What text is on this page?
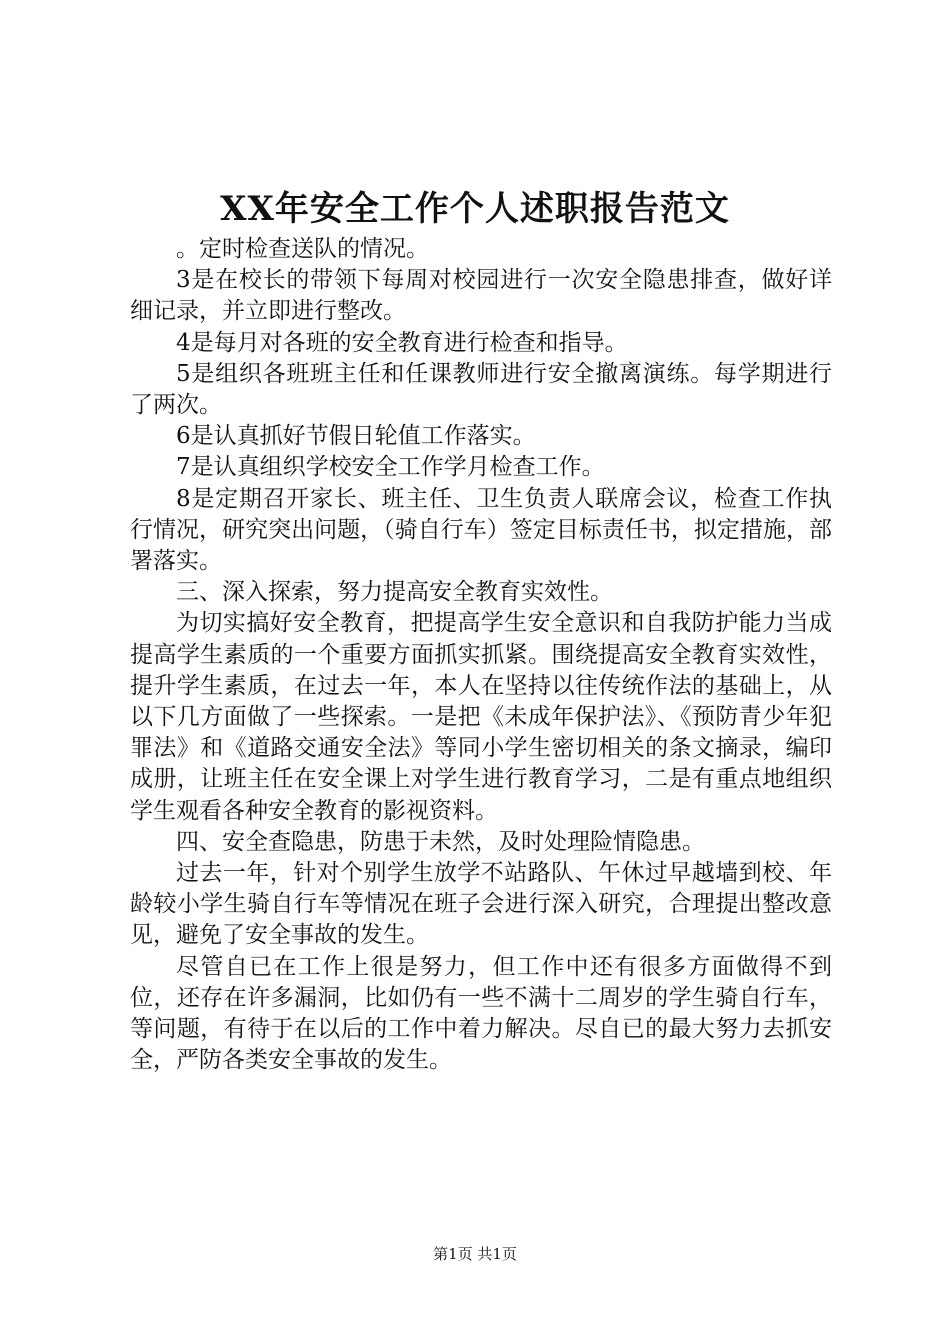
XX年安全工作个人述职报告范文

。定时检查送队的情况。

3是在校长的带领下每周对校园进行一次安全隐患排查，做好详细记录，并立即进行整改。

4是每月对各班的安全教育进行检查和指导。

5是组织各班班主任和任课教师进行安全撤离演练。每学期进行了两次。

6是认真抓好节假日轮值工作落实。

7是认真组织学校安全工作学月检查工作。

8是定期召开家长、班主任、卫生负责人联席会议，检查工作执行情况，研究突出问题，（骑自行车）签定目标责任书，拟定措施，部署落实。

三、深入探索，努力提高安全教育实效性。

为切实搞好安全教育，把提高学生安全意识和自我防护能力当成提高学生素质的一个重要方面抓实抓紧。围绕提高安全教育实效性，提升学生素质，在过去一年，本人在坚持以往传统作法的基础上，从以下几方面做了一些探索。一是把《未成年保护法》、《预防青少年犯罪法》和《道路交通安全法》等同小学生密切相关的条文摘录，编印成册，让班主任在安全课上对学生进行教育学习，二是有重点地组织学生观看各种安全教育的影视资料。

四、安全查隐患，防患于未然，及时处理险情隐患。

过去一年，针对个别学生放学不站路队、午休过早越墙到校、年龄较小学生骑自行车等情况在班子会进行深入研究，合理提出整改意见，避免了安全事故的发生。

尽管自已在工作上很是努力，但工作中还有很多方面做得不到位，还存在许多漏洞，比如仍有一些不满十二周岁的学生骑自行车，等问题，有待于在以后的工作中着力解决。尽自已的最大努力去抓安全，严防各类安全事故的发生。

第1页 共1页
